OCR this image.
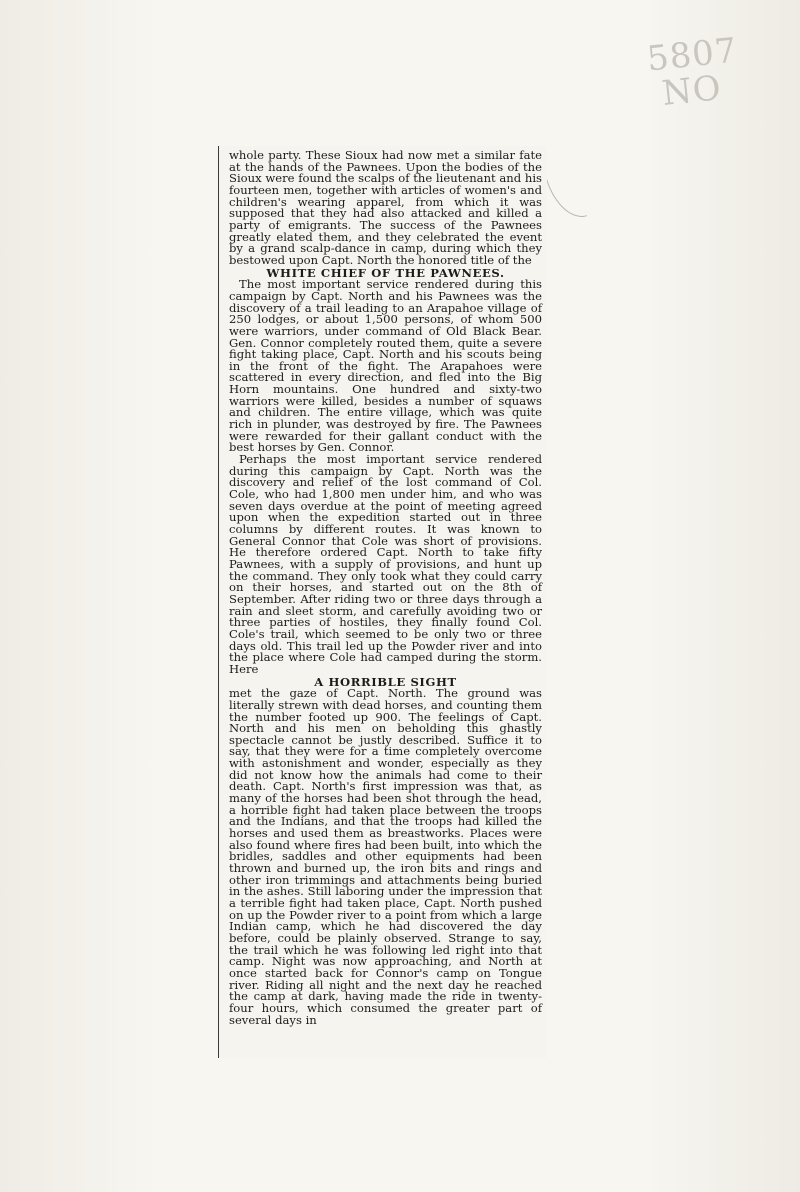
5807
NO

whole party. These Sioux had now met a similar fate at the hands of the Pawnees. Upon the bodies of the Sioux were found the scalps of the lieutenant and his fourteen men, together with articles of women's and children's wearing apparel, from which it was supposed that they had also attacked and killed a party of emigrants. The success of the Pawnees greatly elated them, and they celebrated the event by a grand scalp-dance in camp, during which they bestowed upon Capt. North the honored title of the

WHITE CHIEF OF THE PAWNEES.

The most important service rendered during this campaign by Capt. North and his Pawnees was the discovery of a trail leading to an Arapahoe village of 250 lodges, or about 1,500 persons, of whom 500 were warriors, under command of Old Black Bear. Gen. Connor completely routed them, quite a severe fight taking place, Capt. North and his scouts being in the front of the fight. The Arapahoes were scattered in every direction, and fled into the Big Horn mountains. One hundred and sixty-two warriors were killed, besides a number of squaws and children. The entire village, which was quite rich in plunder, was destroyed by fire. The Pawnees were rewarded for their gallant conduct with the best horses by Gen. Connor.

Perhaps the most important service rendered during this campaign by Capt. North was the discovery and relief of the lost command of Col. Cole, who had 1,800 men under him, and who was seven days overdue at the point of meeting agreed upon when the expedition started out in three columns by different routes. It was known to General Connor that Cole was short of provisions. He therefore ordered Capt. North to take fifty Pawnees, with a supply of provisions, and hunt up the command. They only took what they could carry on their horses, and started out on the 8th of September. After riding two or three days through a rain and sleet storm, and carefully avoiding two or three parties of hostiles, they finally found Col. Cole's trail, which seemed to be only two or three days old. This trail led up the Powder river and into the place where Cole had camped during the storm. Here

A HORRIBLE SIGHT

met the gaze of Capt. North. The ground was literally strewn with dead horses, and counting them the number footed up 900. The feelings of Capt. North and his men on beholding this ghastly spectacle cannot be justly described. Suffice it to say, that they were for a time completely overcome with astonishment and wonder, especially as they did not know how the animals had come to their death. Capt. North's first impression was that, as many of the horses had been shot through the head, a horrible fight had taken place between the troops and the Indians, and that the troops had killed the horses and used them as breastworks. Places were also found where fires had been built, into which the bridles, saddles and other equipments had been thrown and burned up, the iron bits and rings and other iron trimmings and attachments being buried in the ashes. Still laboring under the impression that a terrible fight had taken place, Capt. North pushed on up the Powder river to a point from which a large Indian camp, which he had discovered the day before, could be plainly observed. Strange to say, the trail which he was following led right into that camp. Night was now approaching, and North at once started back for Connor's camp on Tongue river. Riding all night and the next day he reached the camp at dark, having made the ride in twenty-four hours, which consumed the greater part of several days in
